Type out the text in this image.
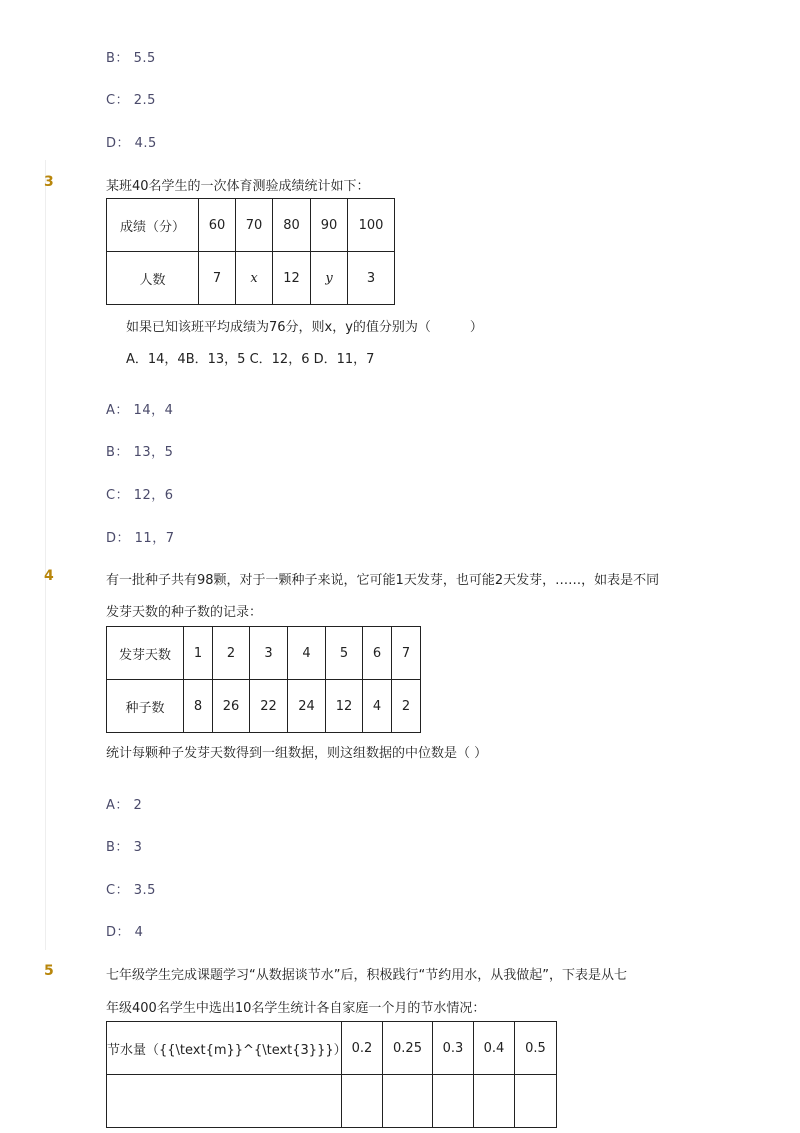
B： 5.5
C： 2.5
D： 4.5
3	某班40名学生的一次体育测验成绩统计如下：
成绩（分）	60	70	80	90	100
人数	7	x	12	y	3
如果已知该班平均成绩为76分，则x，y的值分别为（　　　）
A．14，4B．13，5 C．12，6 D．11，7
A： 14，4
B： 13，5
C： 12，6
D： 11，7
4	有一批种子共有98颗，对于一颗种子来说，它可能1天发芽，也可能2天发芽，……，如表是不同
发芽天数的种子数的记录：
发芽天数	1	2	3	4	5	6	7
种子数	8	26	22	24	12	4	2
统计每颗种子发芽天数得到一组数据，则这组数据的中位数是（ ）
A： 2
B： 3
C： 3.5
D： 4
5	七年级学生完成课题学习“从数据谈节水”后，积极践行“节约用水，从我做起”，下表是从七
年级400名学生中选出10名学生统计各自家庭一个月的节水情况：
节水量（{{\text{m}}^{\text{3}}}）	0.2	0.25	0.3	0.4	0.5
